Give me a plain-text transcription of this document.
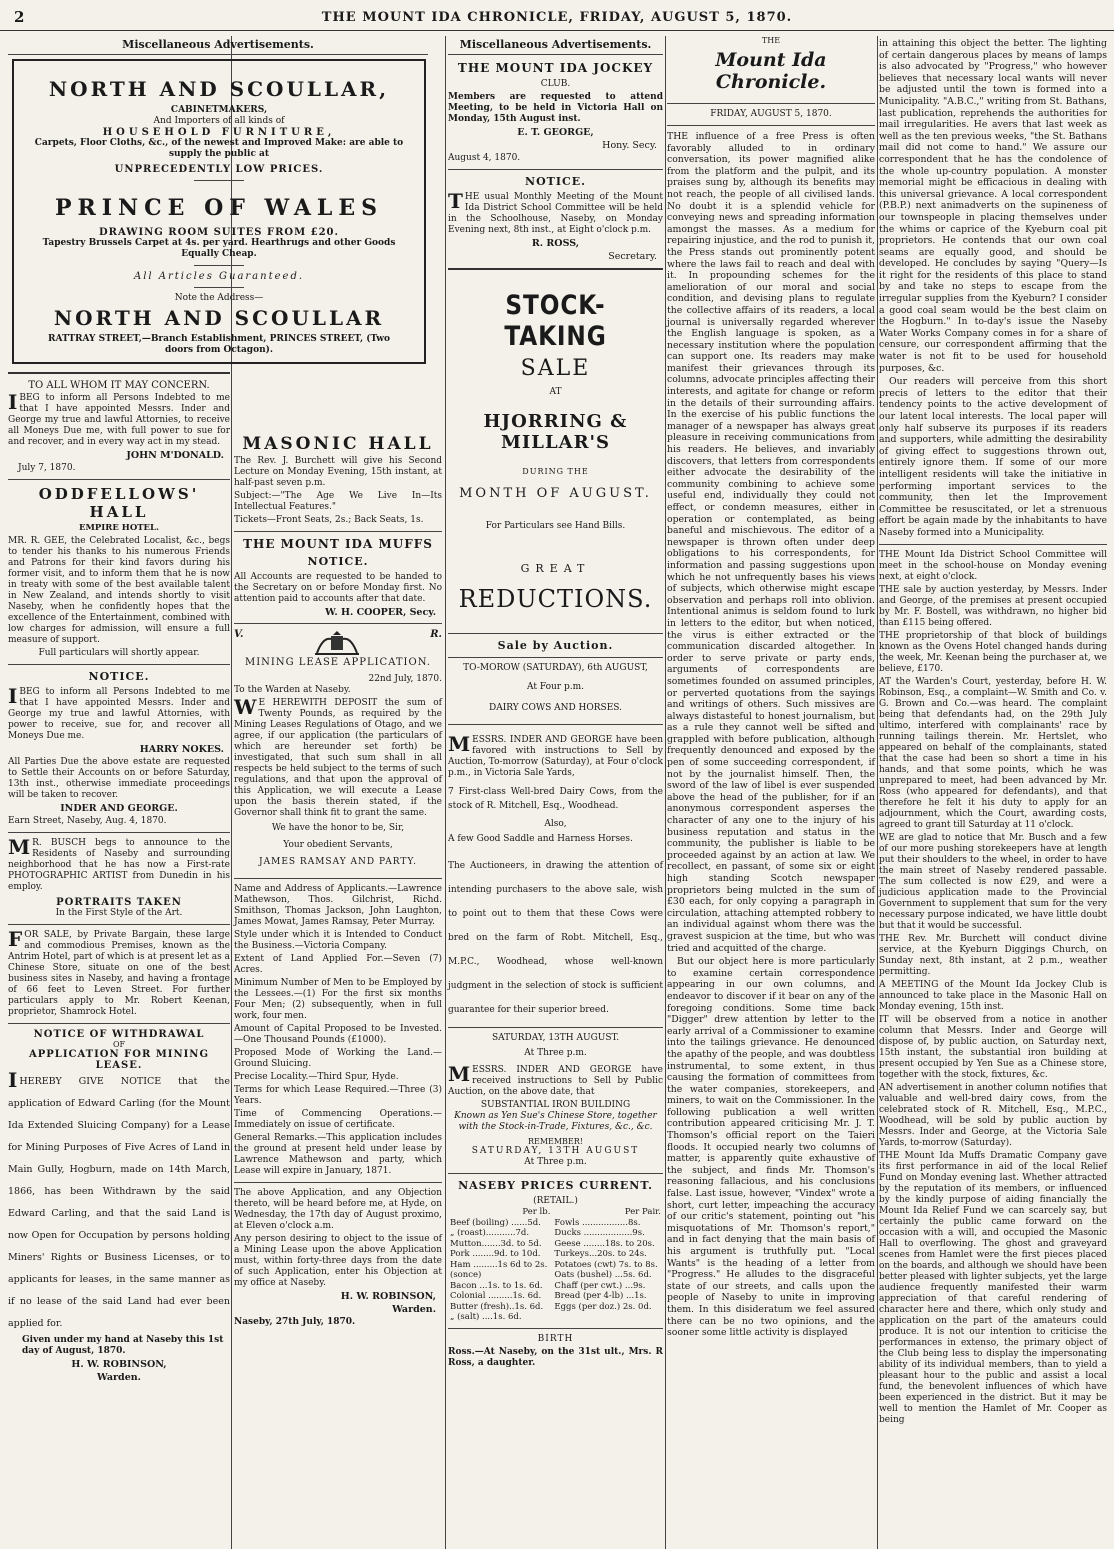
2	THE MOUNT IDA CHRONICLE, FRIDAY, AUGUST 5, 1870.
Miscellaneous Advertisements.
NORTH AND SCOULLAR,
CABINETMAKERS,
And Importers of all kinds of
HOUSEHOLD FURNITURE,
Carpets, Floor Cloths, &c., of the newest and Improved Make: are able to supply the public at
UNPRECEDENTLY LOW PRICES.
PRINCE OF WALES
DRAWING ROOM SUITES FROM £20.
Tapestry Brussels Carpet at 4s. per yard. Hearthrugs and other Goods Equally Cheap.
All Articles Guaranteed.
Note the Address—
NORTH AND SCOULLAR
RATTRAY STREET,—Branch Establishment, PRINCES STREET, (Two doors from Octagon).
TO ALL WHOM IT MAY CONCERN.
IBEG to inform all Persons Indebted to me that I have appointed Messrs. Inder and George my true and lawful Attornies, to receive all Moneys Due me, with full power to sue for and recover, and in every way act in my stead.
JOHN M'DONALD.
July 7, 1870.
ODDFELLOWS' HALL
EMPIRE HOTEL.
MR. R. GEE, the Celebrated Localist, &c., begs to tender his thanks to his numerous Friends and Patrons for their kind favors during his former visit, and to inform them that he is now in treaty with some of the best available talent in New Zealand, and intends shortly to visit Naseby, when he confidently hopes that the excellence of the Entertainment, combined with low charges for admission, will ensure a full measure of support.
Full particulars will shortly appear.
NOTICE.
IBEG to inform all Persons Indebted to me that I have appointed Messrs. Inder and George my true and lawful Attornies, with power to receive, sue for, and recover all Moneys Due me.
HARRY NOKES.
All Parties Due the above estate are requested to Settle their Accounts on or before Saturday, 13th inst., otherwise immediate proceedings will be taken to recover.
INDER AND GEORGE.
Earn Street, Naseby, Aug. 4, 1870.
MR. BUSCH begs to announce to the Residents of Naseby and surrounding neighborhood that he has now a First-rate PHOTOGRAPHIC ARTIST from Dunedin in his employ.
PORTRAITS TAKEN
In the First Style of the Art.
FOR SALE, by Private Bargain, these large and commodious Premises, known as the Antrim Hotel, part of which is at present let as a Chinese Store, situate on one of the best business sites in Naseby, and having a frontage of 66 feet to Leven Street. For further particulars apply to Mr. Robert Keenan, proprietor, Shamrock Hotel.
NOTICE OF WITHDRAWAL
OF
APPLICATION FOR MINING LEASE.
IHEREBY GIVE NOTICE that the application of Edward Carling (for the Mount Ida Extended Sluicing Company) for a Lease for Mining Purposes of Five Acres of Land in Main Gully, Hogburn, made on 14th March, 1866, has been Withdrawn by the said Edward Carling, and that the said Land is now Open for Occupation by persons holding Miners' Rights or Business Licenses, or to applicants for leases, in the same manner as if no lease of the said Land had ever been applied for.
Given under my hand at Naseby this 1st day of August, 1870.
H. W. ROBINSON,
Warden.
MASONIC HALL
The Rev. J. Burchett will give his Second Lecture on Monday Evening, 15th instant, at half-past seven p.m.
Subject:—"The Age We Live In—Its Intellectual Features."
Tickets—Front Seats, 2s.; Back Seats, 1s.
THE MOUNT IDA MUFFS
NOTICE.
All Accounts are requested to be handed to the Secretary on or before Monday first. No attention paid to accounts after that date.
W. H. COOPER, Secy.
V.	R.
MINING LEASE APPLICATION.
22nd July, 1870.
To the Warden at Naseby.
WE HEREWITH DEPOSIT the sum of Twenty Pounds, as required by the Mining Leases Regulations of Otago, and we agree, if our application (the particulars of which are hereunder set forth) be investigated, that such sum shall in all respects be held subject to the terms of such regulations, and that upon the approval of this Application, we will execute a Lease upon the basis therein stated, if the Governor shall think fit to grant the same.
We have the honor to be, Sir,
Your obedient Servants,
JAMES RAMSAY AND PARTY.
Name and Address of Applicants.—Lawrence Mathewson, Thos. Gilchrist, Richd. Smithson, Thomas Jackson, John Laughton, James Mowat, James Ramsay, Peter Murray.
Style under which it is Intended to Conduct the Business.—Victoria Company.
Extent of Land Applied For.—Seven (7) Acres.
Minimum Number of Men to be Employed by the Lessees.—(1) For the first six months Four Men; (2) subsequently, when in full work, four men.
Amount of Capital Proposed to be Invested.—One Thousand Pounds (£1000).
Proposed Mode of Working the Land.—Ground Sluicing.
Precise Locality.—Third Spur, Hyde.
Terms for which Lease Required.—Three (3) Years.
Time of Commencing Operations.—Immediately on issue of certificate.
General Remarks.—This application includes the ground at present held under lease by Lawrence Mathewson and party, which Lease will expire in January, 1871.
The above Application, and any Objection thereto, will be heard before me, at Hyde, on Wednesday, the 17th day of August proximo, at Eleven o'clock a.m.
Any person desiring to object to the issue of a Mining Lease upon the above Application must, within forty-three days from the date of such Application, enter his Objection at my office at Naseby.
H. W. ROBINSON,
Warden.
Naseby, 27th July, 1870.
Miscellaneous Advertisements.
THE MOUNT IDA JOCKEY
CLUB.
Members are requested to attend Meeting, to be held in Victoria Hall on Monday, 15th August inst.
E. T. GEORGE,
Hony. Secy.
August 4, 1870.
NOTICE.
THE usual Monthly Meeting of the Mount Ida District School Committee will be held in the Schoolhouse, Naseby, on Monday Evening next, 8th inst., at Eight o'clock p.m.
R. ROSS,
Secretary.
STOCK-TAKING
SALE
AT
HJORRING & MILLAR'S
DURING THE
MONTH OF AUGUST.
For Particulars see Hand Bills.
GREAT
REDUCTIONS.
Sale by Auction.
TO-MOROW (SATURDAY), 6th AUGUST,
At Four p.m.
DAIRY COWS AND HORSES.
MESSRS. INDER AND GEORGE have been favored with instructions to Sell by Auction, To-morrow (Saturday), at Four o'clock p.m., in Victoria Sale Yards,
7 First-class Well-bred Dairy Cows, from the stock of R. Mitchell, Esq., Woodhead.
Also,
A few Good Saddle and Harness Horses.
The Auctioneers, in drawing the attention of intending purchasers to the above sale, wish to point out to them that these Cows were bred on the farm of Robt. Mitchell, Esq., M.P.C., Woodhead, whose well-known judgment in the selection of stock is sufficient guarantee for their superior breed.
SATURDAY, 13TH AUGUST.
At Three p.m.
MESSRS. INDER AND GEORGE have received instructions to Sell by Public Auction, on the above date, that
SUBSTANTIAL IRON BUILDING
Known as Yen Sue's Chinese Store, together with the Stock-in-Trade, Fixtures, &c., &c.
REMEMBER!
SATURDAY, 13TH AUGUST
At Three p.m.
NASEBY PRICES CURRENT.
(RETAIL.)
Per lb.	Per Pair.
Beef (boiling) ......5d.	Fowls .................8s.
„ (roast)...........7d.	Ducks ..................9s.
Mutton.......3d. to 5d.	Geese ........18s. to 20s.
Pork ........9d. to 10d.	Turkeys...20s. to 24s.
Ham .........1s 6d to 2s.	Potatoes (cwt) 7s. to 8s.
(sonce)	Oats (bushel) ...5s. 6d.
Bacon ...1s. to 1s. 6d.	Chaff (per cwt.) ...9s.
Colonial .........1s. 6d.	Bread (per 4-lb) ...1s.
Butter (fresh)..1s. 6d.	Eggs (per doz.) 2s. 0d.
„ (salt) ....1s. 6d.	
BIRTH
Ross.—At Naseby, on the 31st ult., Mrs. R Ross, a daughter.
THE
Mount Ida Chronicle.
FRIDAY, AUGUST 5, 1870.
THE influence of a free Press is often favorably alluded to in ordinary conversation, its power magnified alike from the platform and the pulpit, and its praises sung by, although its benefits may not reach, the people of all civilised lands. No doubt it is a splendid vehicle for conveying news and spreading information amongst the masses. As a medium for repairing injustice, and the rod to punish it, the Press stands out prominently potent where the laws fail to reach and deal with it. In propounding schemes for the amelioration of our moral and social condition, and devising plans to regulate the collective affairs of its readers, a local journal is universally regarded wherever the English language is spoken, as a necessary institution where the population can support one. Its readers may make manifest their grievances through its columns, advocate principles affecting their interests, and agitate for change or reform in the details of their surrounding affairs. In the exercise of his public functions the manager of a newspaper has always great pleasure in receiving communications from his readers. He believes, and invariably discovers, that letters from correspondents either advocate the desirability of the community combining to achieve some useful end, individually they could not effect, or condemn measures, either in operation or contemplated, as being baneful and mischievous. The editor of a newspaper is thrown often under deep obligations to his correspondents, for information and passing suggestions upon which he not unfrequently bases his views of subjects, which otherwise might escape observation and perhaps roll into oblivion. Intentional animus is seldom found to lurk in letters to the editor, but when noticed, the virus is either extracted or the communication discarded altogether. In order to serve private or party ends, arguments of correspondents are sometimes founded on assumed principles, or perverted quotations from the sayings and writings of others. Such missives are always distasteful to honest journalism, but as a rule they cannot well be sifted and grappled with before publication, although frequently denounced and exposed by the pen of some succeeding correspondent, if not by the journalist himself. Then, the sword of the law of libel is ever suspended above the head of the publisher, for if an anonymous correspondent asperses the character of any one to the injury of his business reputation and status in the community, the publisher is liable to be proceeded against by an action at law. We recollect, en passant, of some six or eight high standing Scotch newspaper proprietors being mulcted in the sum of £30 each, for only copying a paragraph in circulation, attaching attempted robbery to an individual against whom there was the gravest suspicion at the time, but who was tried and acquitted of the charge.
But our object here is more particularly to examine certain correspondence appearing in our own columns, and endeavor to discover if it bear on any of the foregoing conditions. Some time back "Digger" drew attention by letter to the early arrival of a Commissioner to examine into the tailings grievance. He denounced the apathy of the people, and was doubtless instrumental, to some extent, in thus causing the formation of committees from the water companies, storekeepers, and miners, to wait on the Commissioner. In the following publication a well written contribution appeared criticising Mr. J. T. Thomson's official report on the Taieri floods. It occupied nearly two columns of matter, is apparently quite exhaustive of the subject, and finds Mr. Thomson's reasoning fallacious, and his conclusions false. Last issue, however, "Vindex" wrote a short, curt letter, impeaching the accuracy of our critic's statement, pointing out "his misquotations of Mr. Thomson's report," and in fact denying that the main basis of his argument is truthfully put. "Local Wants" is the heading of a letter from "Progress." He alludes to the disgraceful state of our streets, and calls upon the people of Naseby to unite in improving them. In this disideratum we feel assured there can be no two opinions, and the sooner some little activity is displayed
in attaining this object the better. The lighting of certain dangerous places by means of lamps is also advocated by "Progress," who however believes that necessary local wants will never be adjusted until the town is formed into a Municipality. "A.B.C.," writing from St. Bathans, last publication, reprehends the authorities for mail irregularities. He avers that last week as well as the ten previous weeks, "the St. Bathans mail did not come to hand." We assure our correspondent that he has the condolence of the whole up-country population. A monster memorial might be efficacious in dealing with this universal grievance. A local correspondent (P.B.P.) next animadverts on the supineness of our townspeople in placing themselves under the whims or caprice of the Kyeburn coal pit proprietors. He contends that our own coal seams are equally good, and should be developed. He concludes by saying "Query—Is it right for the residents of this place to stand by and take no steps to escape from the irregular supplies from the Kyeburn? I consider a good coal seam would be the best claim on the Hogburn." In to-day's issue the Naseby Water Works Company comes in for a share of censure, our correspondent affirming that the water is not fit to be used for household purposes, &c.
Our readers will perceive from this short precis of letters to the editor that their tendency points to the active development of our latent local interests. The local paper will only half subserve its purposes if its readers and supporters, while admitting the desirability of giving effect to suggestions thrown out, entirely ignore them. If some of our more intelligent residents will take the initiative in performing important services to the community, then let the Improvement Committee be resuscitated, or let a strenuous effort be again made by the inhabitants to have Naseby formed into a Municipality.
THE Mount Ida District School Committee will meet in the school-house on Monday evening next, at eight o'clock.
THE sale by auction yesterday, by Messrs. Inder and George, of the premises at present occupied by Mr. F. Bostell, was withdrawn, no higher bid than £115 being offered.
THE proprietorship of that block of buildings known as the Ovens Hotel changed hands during the week, Mr. Keenan being the purchaser at, we believe, £170.
AT the Warden's Court, yesterday, before H. W. Robinson, Esq., a complaint—W. Smith and Co. v. G. Brown and Co.—was heard. The complaint being that defendants had, on the 29th July ultimo, interfered with complainants' race by running tailings therein. Mr. Hertslet, who appeared on behalf of the complainants, stated that the case had been so short a time in his hands, and that some points, which he was unprepared to meet, had been advanced by Mr. Ross (who appeared for defendants), and that therefore he felt it his duty to apply for an adjournment, which the Court, awarding costs, agreed to grant till Saturday at 11 o'clock.
WE are glad to notice that Mr. Busch and a few of our more pushing storekeepers have at length put their shoulders to the wheel, in order to have the main street of Naseby rendered passable. The sum collected is now £29, and were a judicious application made to the Provincial Government to supplement that sum for the very necessary purpose indicated, we have little doubt but that it would be successful.
THE Rev. Mr. Burchett will conduct divine service, at the Kyeburn Diggings Church, on Sunday next, 8th instant, at 2 p.m., weather permitting.
A MEETING of the Mount Ida Jockey Club is announced to take place in the Masonic Hall on Monday evening, 15th inst.
IT will be observed from a notice in another column that Messrs. Inder and George will dispose of, by public auction, on Saturday next, 15th instant, the substantial iron building at present occupied by Yen Sue as a Chinese store, together with the stock, fixtures, &c.
AN advertisement in another column notifies that valuable and well-bred dairy cows, from the celebrated stock of R. Mitchell, Esq., M.P.C., Woodhead, will be sold by public auction by Messrs. Inder and George, at the Victoria Sale Yards, to-morrow (Saturday).
THE Mount Ida Muffs Dramatic Company gave its first performance in aid of the local Relief Fund on Monday evening last. Whether attracted by the reputation of its members, or influenced by the kindly purpose of aiding financially the Mount Ida Relief Fund we can scarcely say, but certainly the public came forward on the occasion with a will, and occupied the Masonic Hall to overflowing. The ghost and graveyard scenes from Hamlet were the first pieces placed on the boards, and although we should have been better pleased with lighter subjects, yet the large audience frequently manifested their warm appreciation of that careful rendering of character here and there, which only study and application on the part of the amateurs could produce. It is not our intention to criticise the performances in extenso, the primary object of the Club being less to display the impersonating ability of its individual members, than to yield a pleasant hour to the public and assist a local fund, the benevolent influences of which have been experienced in the district. But it may be well to mention the Hamlet of Mr. Cooper as being
